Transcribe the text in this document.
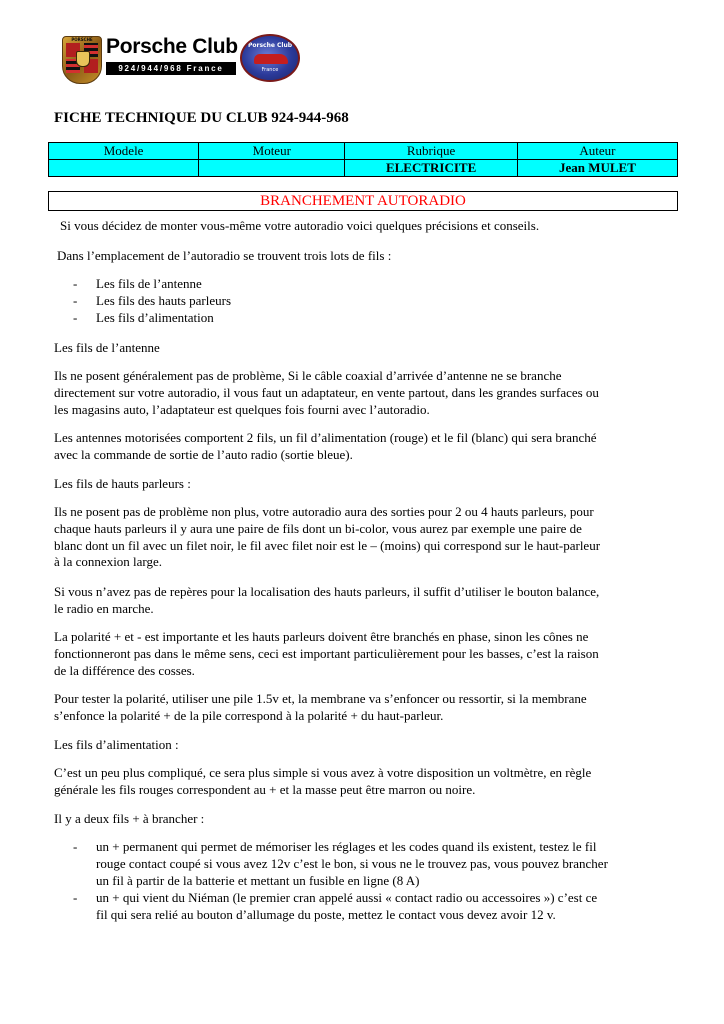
PORSCHE Porsche Club
924/944/968 France
Porsche Club
France
FICHE TECHNIQUE DU CLUB 924-944-968
Modele	Moteur	Rubrique	Auteur
		ELECTRICITE	Jean MULET
BRANCHEMENT AUTORADIO
Si vous décidez de monter vous-même votre autoradio voici quelques précisions et conseils.
Dans l’emplacement de l’autoradio se trouvent trois lots de fils :
- Les fils de l’antenne
- Les fils des hauts parleurs
- Les fils d’alimentation
Les fils de l’antenne
Ils ne posent généralement pas de problème, Si le câble coaxial d’arrivée d’antenne ne se branche
directement sur votre autoradio, il vous faut un adaptateur, en vente partout, dans les grandes surfaces ou
les magasins auto, l’adaptateur est quelques fois fourni avec l’autoradio.
Les antennes motorisées comportent 2 fils, un fil d’alimentation (rouge) et le fil (blanc) qui sera branché
avec la commande de sortie de l’auto radio (sortie bleue).
Les fils de hauts parleurs :
Ils ne posent pas de problème non plus, votre autoradio aura des sorties pour 2 ou 4 hauts parleurs, pour
chaque hauts parleurs il y aura une paire de fils dont un bi-color, vous aurez par exemple une paire de
blanc dont un fil avec un filet noir, le fil avec filet noir est le – (moins) qui correspond sur le haut-parleur
à la connexion large.
Si vous n’avez pas de repères pour la localisation des hauts parleurs, il suffit d’utiliser le bouton balance,
le radio en marche.
La polarité + et - est importante et les hauts parleurs doivent être branchés en phase, sinon les cônes ne
fonctionneront pas dans le même sens, ceci est important particulièrement pour les basses, c’est la raison
de la différence des cosses.
Pour tester la polarité, utiliser une pile 1.5v et, la membrane va s’enfoncer ou ressortir, si la membrane
s’enfonce la polarité + de la pile correspond à la polarité + du haut-parleur.
Les fils d’alimentation :
C’est un peu plus compliqué, ce sera plus simple si vous avez à votre disposition un voltmètre, en règle
générale les fils rouges correspondent au + et la masse peut être marron ou noire.
Il y a deux fils + à brancher :
- un + permanent qui permet de mémoriser les réglages et les codes quand ils existent, testez le fil
rouge contact coupé si vous avez 12v c’est le bon, si vous ne le trouvez pas, vous pouvez brancher
un fil à partir de la batterie et mettant un fusible en ligne (8 A)
- un + qui vient du Niéman (le premier cran appelé aussi « contact radio ou accessoires ») c’est ce
fil qui sera relié au bouton d’allumage du poste, mettez le contact vous devez avoir 12 v.
